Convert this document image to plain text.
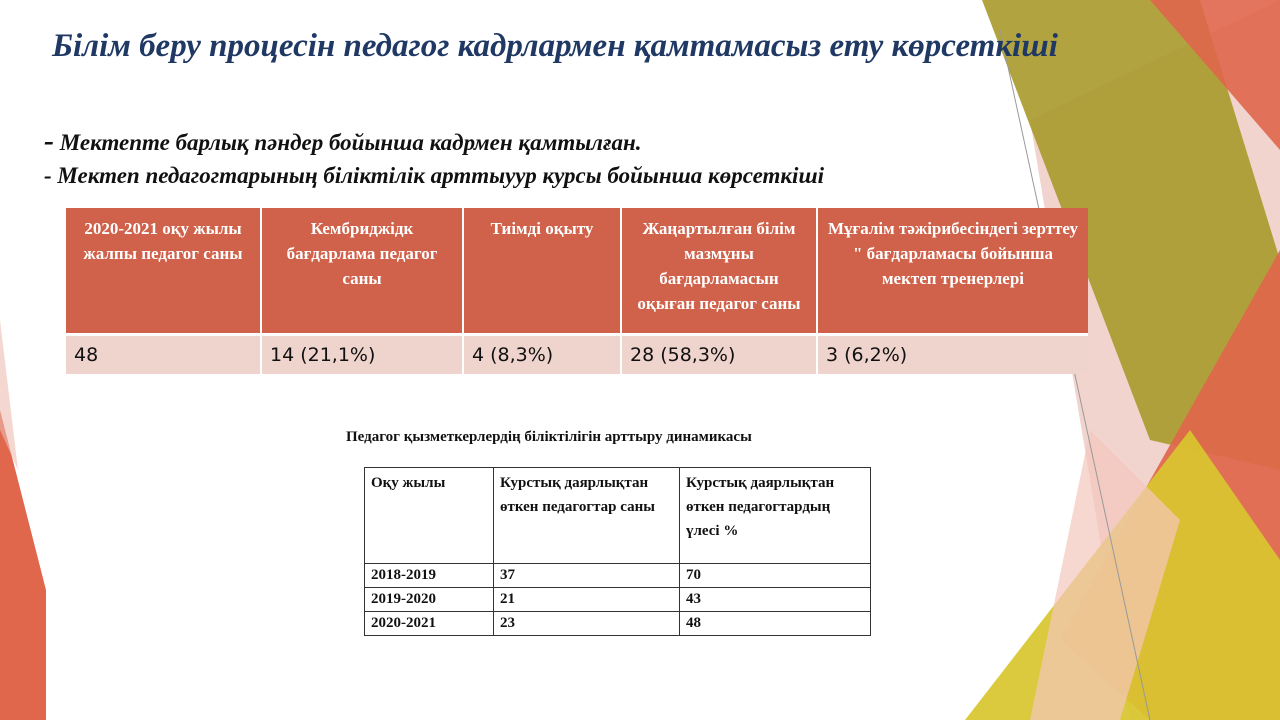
Білім беру процесін педагог кадрлармен қамтамасыз ету көрсеткіші
- Мектепте барлық пәндер бойынша кадрмен қамтылған.
- Мектеп педагогтарының біліктілік арттыуур курсы бойынша көрсеткіші
2020-2021 оқу жылы жалпы педагог саны	Кембриджідк бағдарлама педагог саны	Тиімді оқыту	Жаңартылған білім мазмұны бағдарламасын оқыған педагог саны	Мұғалім тәжірибесіндегі зерттеу " бағдарламасы бойынша мектеп тренерлері
48	14 (21,1%)	4 (8,3%)	28 (58,3%)	3 (6,2%)
Педагог қызметкерлердің біліктілігін арттыру динамикасы
Оқу жылы	Курстық даярлықтан өткен педагогтар саны	Курстық даярлықтан өткен педагогтардың үлесі %
2018-2019	37	70
2019-2020	21	43
2020-2021	23	48
